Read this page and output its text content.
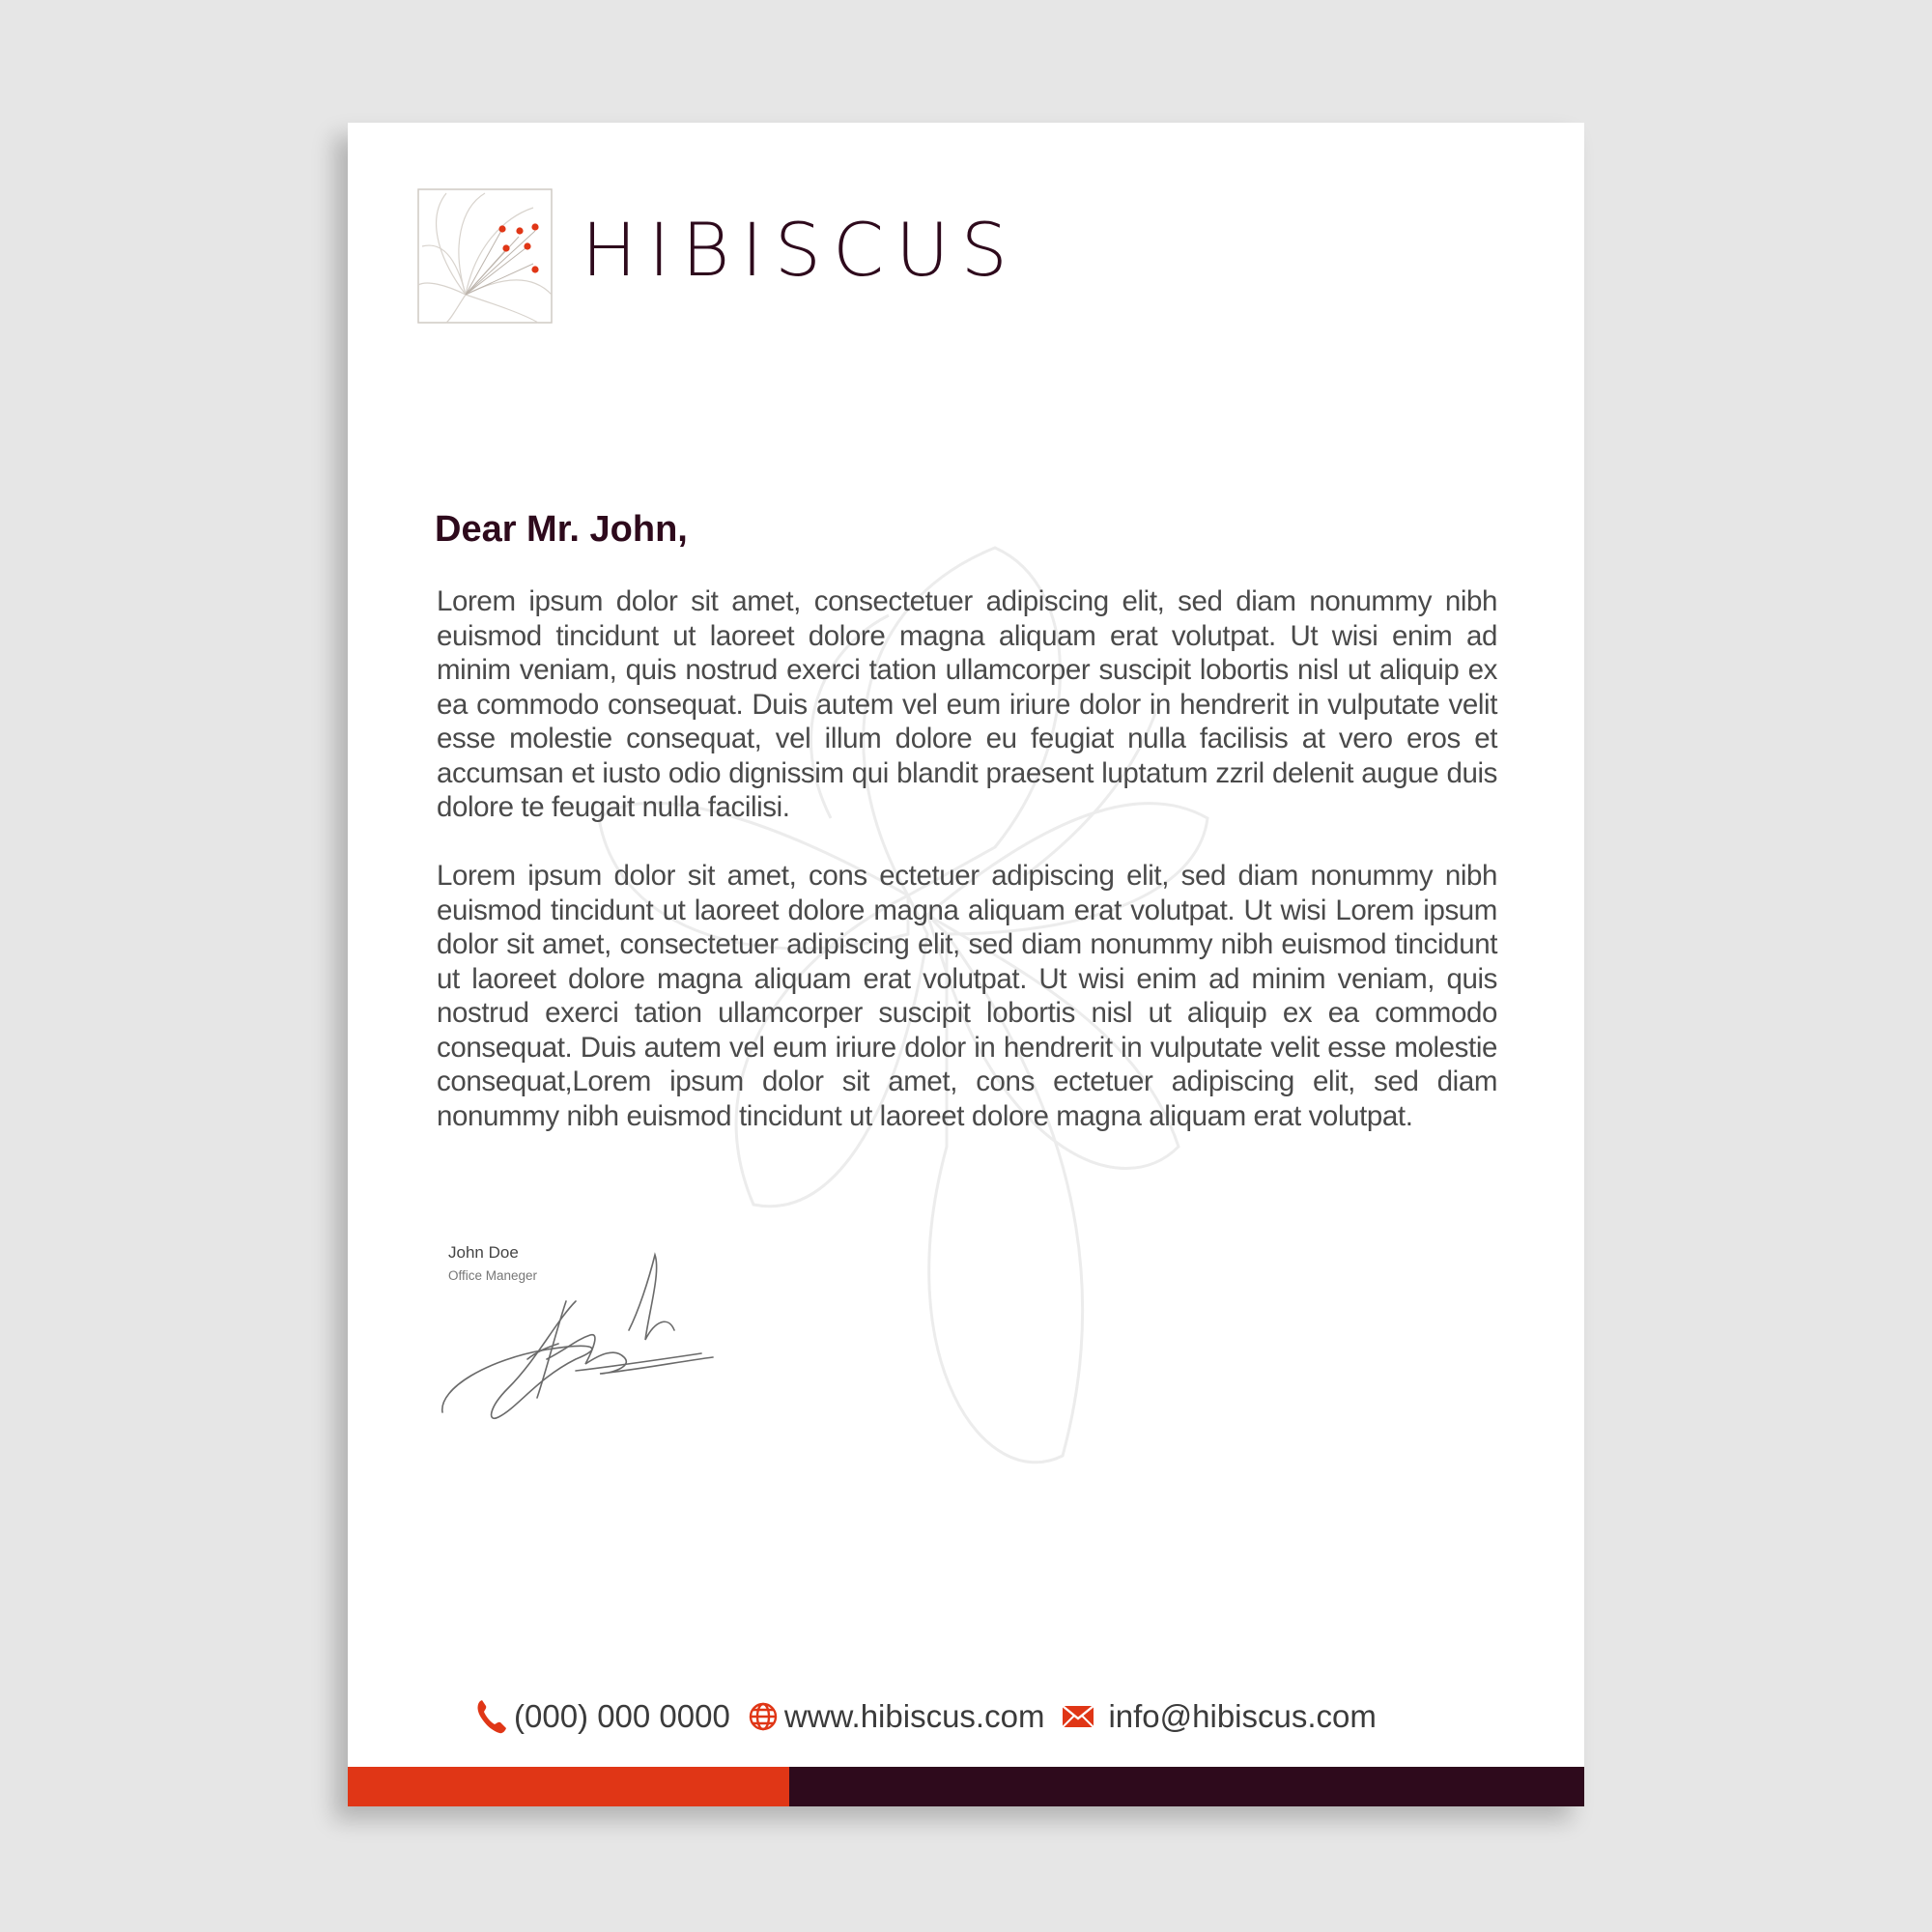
HIBISCUS
Dear Mr. John,

Lorem ipsum dolor sit amet, consectetuer adipiscing elit, sed diam nonummy nibh euismod tincidunt ut laoreet dolore magna aliquam erat volutpat. Ut wisi enim ad minim veniam, quis nostrud exerci tation ullamcorper suscipit lobortis nisl ut aliquip ex ea commodo consequat. Duis autem vel eum iriure dolor in hendrerit in vulputate velit esse molestie consequat, vel illum dolore eu feugiat nulla facilisis at vero eros et accumsan et iusto odio dignissim qui blandit praesent luptatum zzril delenit augue duis dolore te feugait nulla facilisi.

Lorem ipsum dolor sit amet, cons ectetuer adipiscing elit, sed diam nonummy nibh euismod tincidunt ut laoreet dolore magna aliquam erat volutpat. Ut wisi Lorem ipsum dolor sit amet, consectetuer adipiscing elit, sed diam nonummy nibh euismod tincidunt ut laoreet dolore magna aliquam erat volutpat. Ut wisi enim ad minim veniam, quis nostrud exerci tation ullamcorper suscipit lobortis nisl ut aliquip ex ea commodo consequat. Duis autem vel eum iriure dolor in hendrerit in vulputate velit esse molestie consequat,Lorem ipsum dolor sit amet, cons ectetuer adipiscing elit, sed diam nonummy nibh euismod tincidunt ut laoreet dolore magna aliquam erat volutpat.

John Doe
Office Maneger
(000) 000 0000 www.hibiscus.com info@hibiscus.com
